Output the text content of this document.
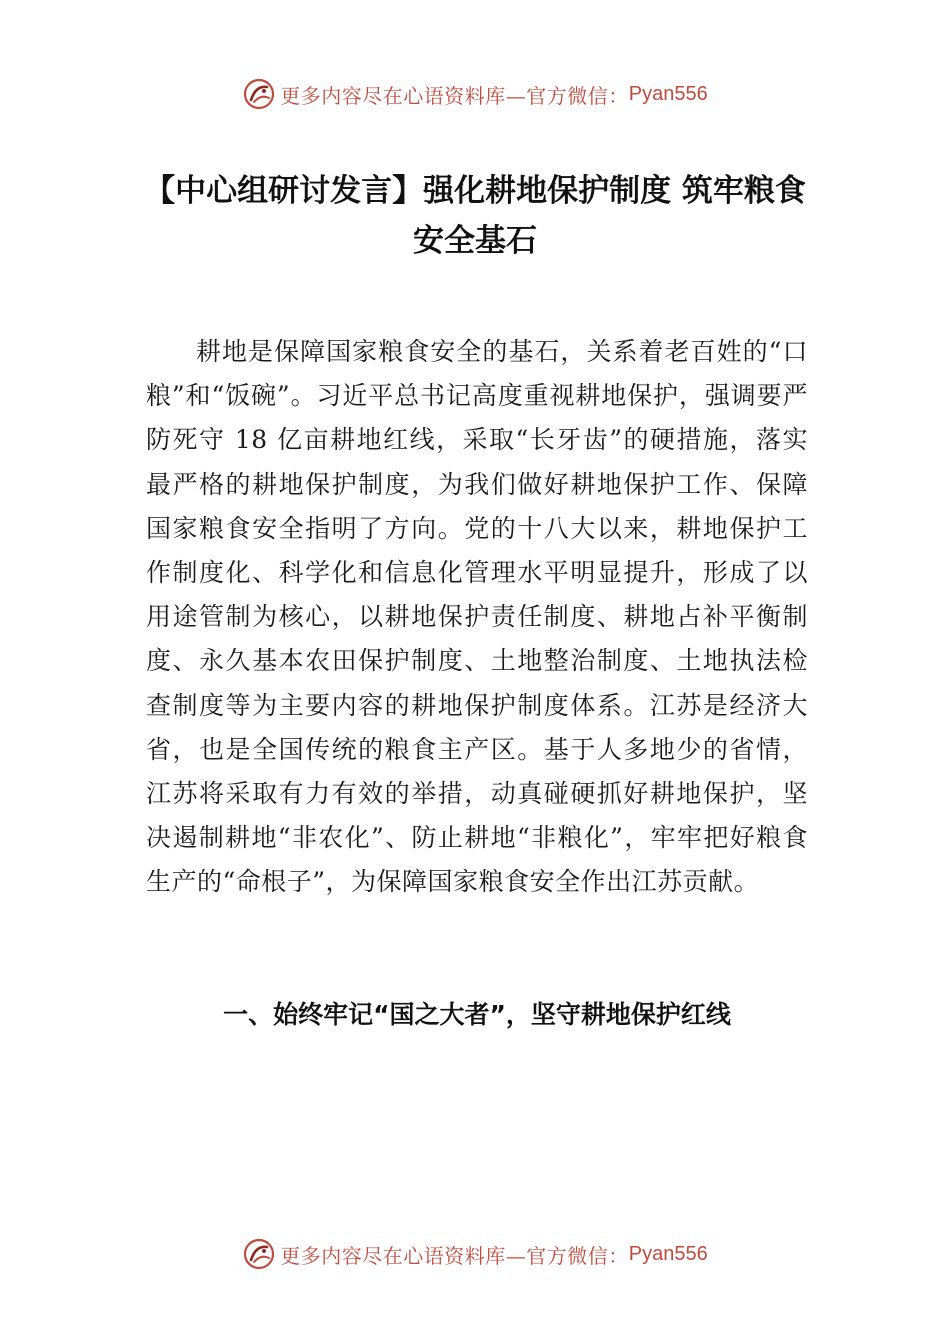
更多内容尽在心语资料库 —官方微信： Pyan556
【中心组研讨发言】强化耕地保护制度 筑牢粮食安全基石

耕地是保障国家粮食安全的基石，关系着老百姓的“口粮”和“饭碗”。习近平总书记高度重视耕地保护，强调要严防死守 18 亿亩耕地红线，采取“长牙齿”的硬措施，落实最严格的耕地保护制度，为我们做好耕地保护工作、保障国家粮食安全指明了方向。党的十八大以来，耕地保护工作制度化、科学化和信息化管理水平明显提升，形成了以用途管制为核心，以耕地保护责任制度、耕地占补平衡制度、永久基本农田保护制度、土地整治制度、土地执法检查制度等为主要内容的耕地保护制度体系。江苏是经济大省，也是全国传统的粮食主产区。基于人多地少的省情，江苏将采取有力有效的举措，动真碰硬抓好耕地保护，坚决遏制耕地“非农化”、防止耕地“非粮化”，牢牢把好粮食生产的“命根子”，为保障国家粮食安全作出江苏贡献。

一、始终牢记“国之大者”，坚守耕地保护红线
更多内容尽在心语资料库 —官方微信： Pyan556
